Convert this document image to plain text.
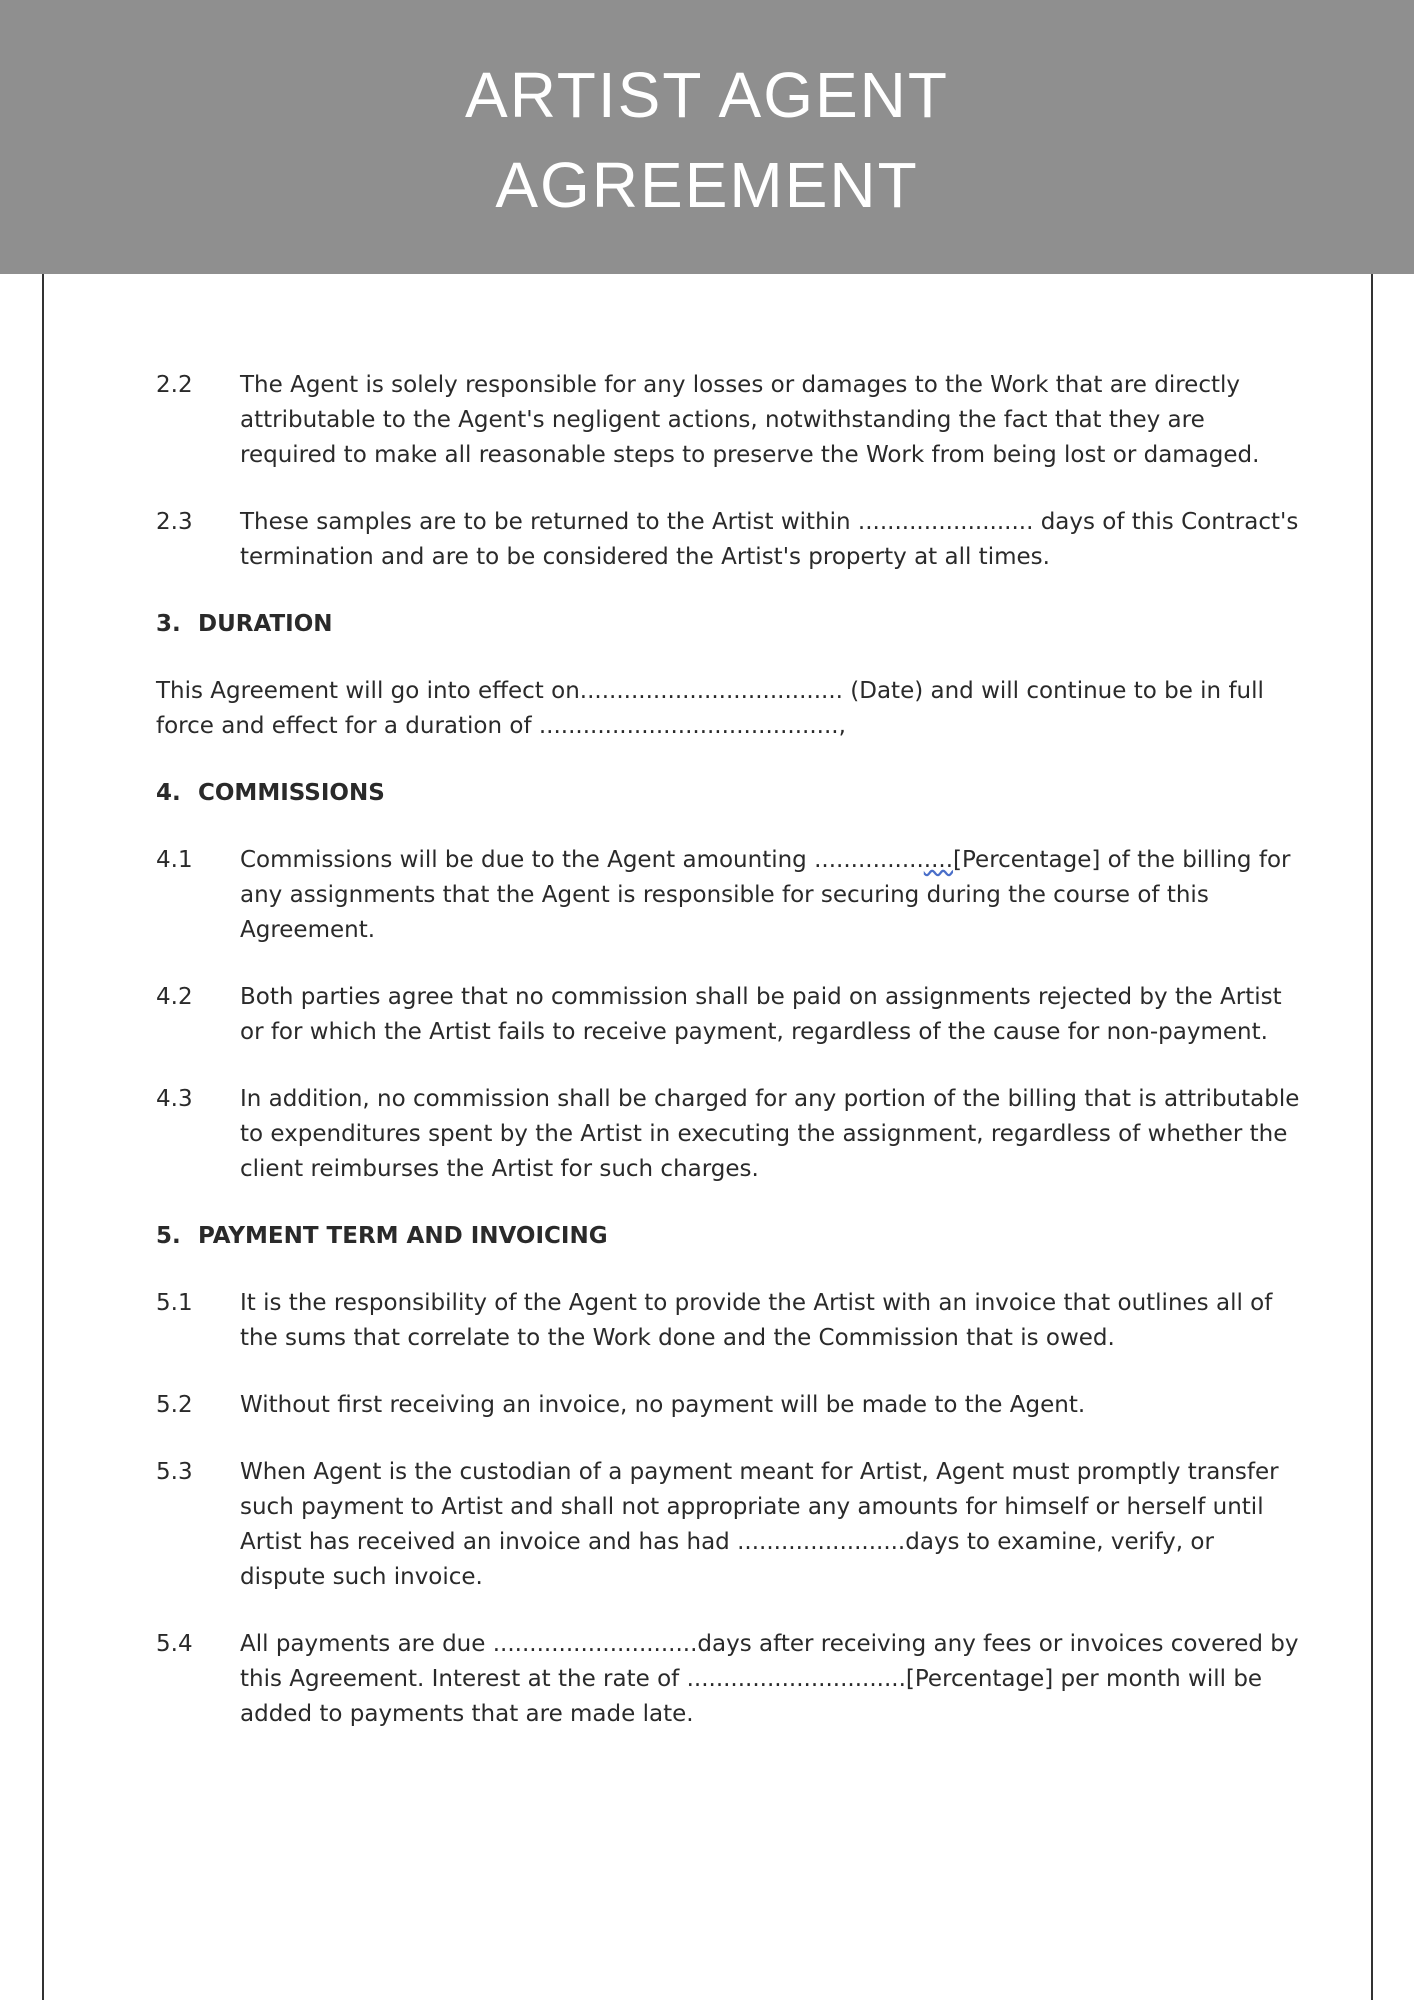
ARTIST AGENT
AGREEMENT
2.2 The Agent is solely responsible for any losses or damages to the Work that are directly attributable to the Agent's negligent actions, notwithstanding the fact that they are required to make all reasonable steps to preserve the Work from being lost or damaged.
2.3 These samples are to be returned to the Artist within ........................ days of this Contract's termination and are to be considered the Artist's property at all times.
3. DURATION
This Agreement will go into effect on.................................... (Date) and will continue to be in full force and effect for a duration of .........................................,
4. COMMISSIONS
4.1 Commissions will be due to the Agent amounting ...................[Percentage] of the billing for any assignments that the Agent is responsible for securing during the course of this Agreement.
4.2 Both parties agree that no commission shall be paid on assignments rejected by the Artist or for which the Artist fails to receive payment, regardless of the cause for non-payment.
4.3 In addition, no commission shall be charged for any portion of the billing that is attributable to expenditures spent by the Artist in executing the assignment, regardless of whether the client reimburses the Artist for such charges.
5. PAYMENT TERM AND INVOICING
5.1 It is the responsibility of the Agent to provide the Artist with an invoice that outlines all of the sums that correlate to the Work done and the Commission that is owed.
5.2 Without first receiving an invoice, no payment will be made to the Agent.
5.3 When Agent is the custodian of a payment meant for Artist, Agent must promptly transfer such payment to Artist and shall not appropriate any amounts for himself or herself until Artist has received an invoice and has had .......................days to examine, verify, or dispute such invoice.
5.4 All payments are due ............................days after receiving any fees or invoices covered by this Agreement. Interest at the rate of ..............................[Percentage] per month will be added to payments that are made late.
